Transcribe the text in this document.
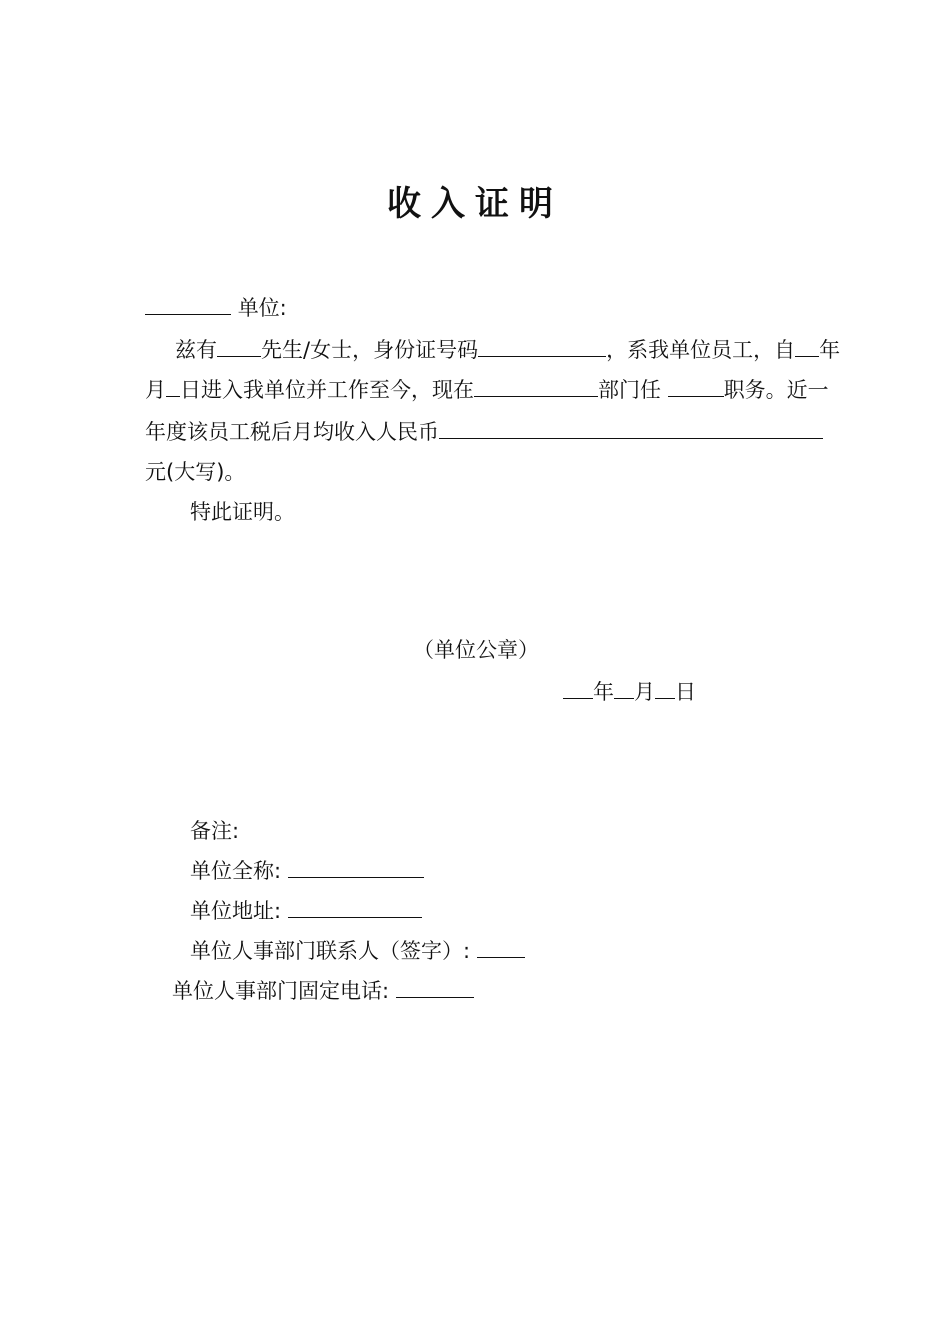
收入证明
单位:
兹有 先生/女士，身份证号码	，系我单位员工，自 年
月 日进入我单位并工作至今，现在	部门任	职务。近一
年度该员工税后月均收入人民币
元(大写)。
特此证明。
（单位公章）
年 月 日
备注:
单位全称:
单位地址:
单位人事部门联系人（签字）:
单位人事部门固定电话:
